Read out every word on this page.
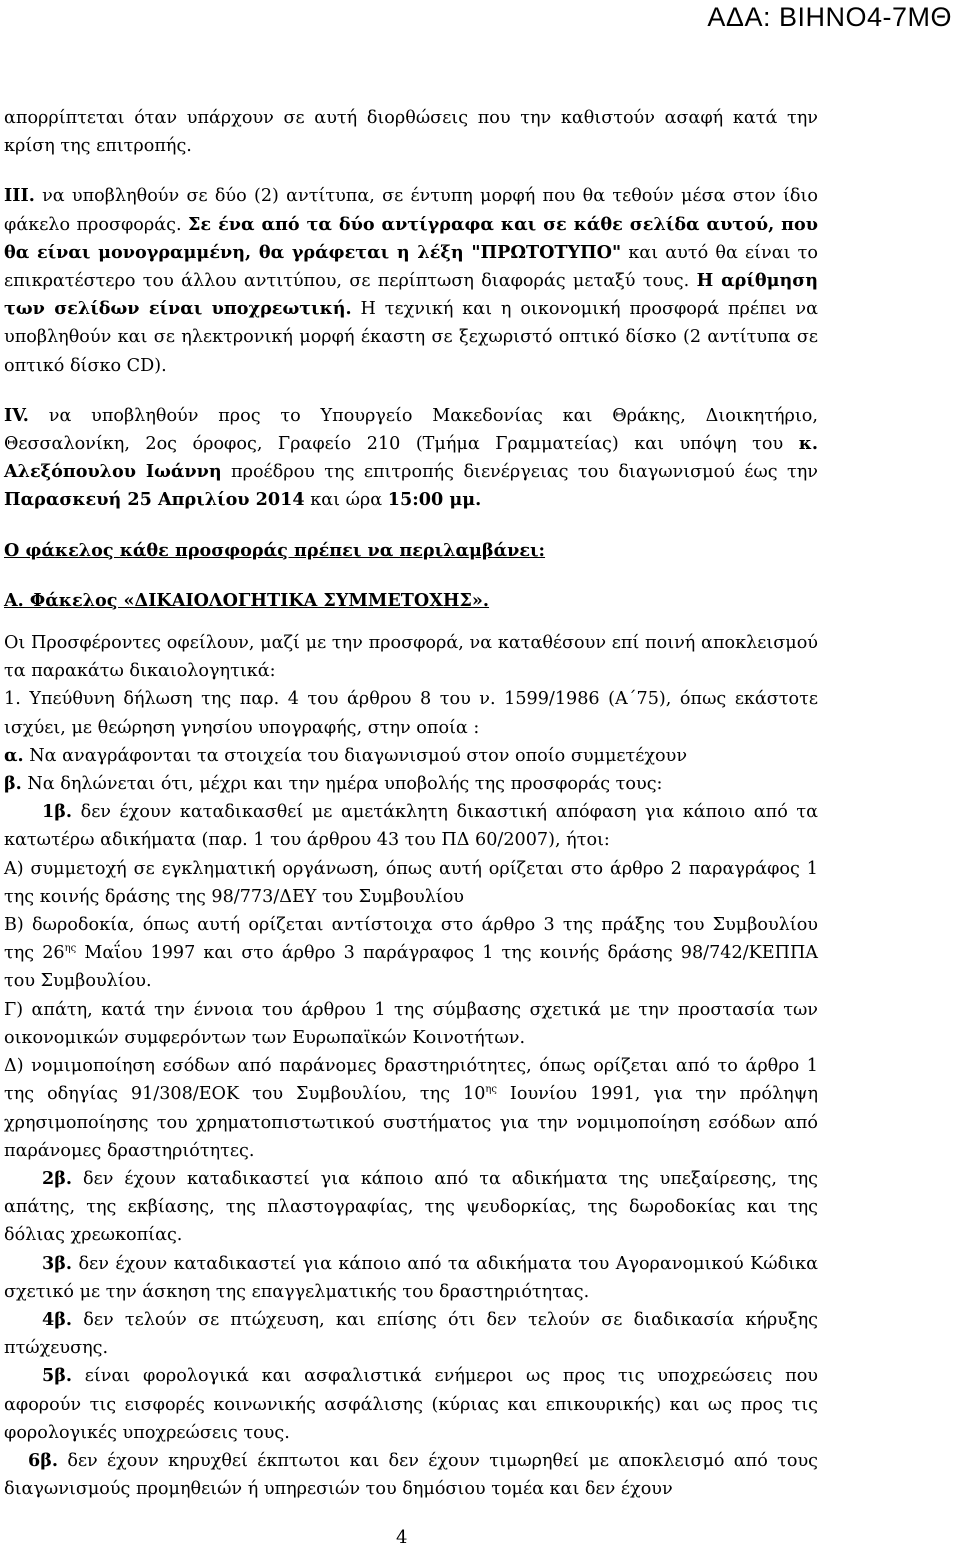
ΑΔΑ: ΒΙΗΝΟ4-7ΜΘ

απορρίπτεται όταν υπάρχουν σε αυτή διορθώσεις που την καθιστούν ασαφή κατά την κρίση της επιτροπής.

ΙΙΙ. να υποβληθούν σε δύο (2) αντίτυπα, σε έντυπη μορφή που θα τεθούν μέσα στον ίδιο φάκελο προσφοράς. Σε ένα από τα δύο αντίγραφα και σε κάθε σελίδα αυτού, που θα είναι μονογραμμένη, θα γράφεται η λέξη "ΠΡΩΤΟΤΥΠΟ" και αυτό θα είναι το επικρατέστερο του άλλου αντιτύπου, σε περίπτωση διαφοράς μεταξύ τους. Η αρίθμηση των σελίδων είναι υποχρεωτική. Η τεχνική και η οικονομική προσφορά πρέπει να υποβληθούν και σε ηλεκτρονική μορφή έκαστη σε ξεχωριστό οπτικό δίσκο (2 αντίτυπα σε οπτικό δίσκο CD).

IV. να υποβληθούν προς το Υπουργείο Μακεδονίας και Θράκης, Διοικητήριο, Θεσσαλονίκη, 2ος όροφος, Γραφείο 210 (Τμήμα Γραμματείας) και υπόψη του κ. Αλεξόπουλου Ιωάννη προέδρου της επιτροπής διενέργειας του διαγωνισμού έως την Παρασκευή 25 Απριλίου 2014 και ώρα 15:00 μμ.

Ο φάκελος κάθε προσφοράς πρέπει να περιλαμβάνει:

Α. Φάκελος «ΔΙΚΑΙΟΛΟΓΗΤΙΚΑ ΣΥΜΜΕΤΟΧΗΣ».

Οι Προσφέροντες οφείλουν, μαζί με την προσφορά, να καταθέσουν επί ποινή αποκλεισμού τα παρακάτω δικαιολογητικά:

1. Υπεύθυνη δήλωση της παρ. 4 του άρθρου 8 του ν. 1599/1986 (Α΄75), όπως εκάστοτε ισχύει, με θεώρηση γνησίου υπογραφής, στην οποία :

α. Να αναγράφονται τα στοιχεία του διαγωνισμού στον οποίο συμμετέχουν

β. Να δηλώνεται ότι, μέχρι και την ημέρα υποβολής της προσφοράς τους:

1β. δεν έχουν καταδικασθεί με αμετάκλητη δικαστική απόφαση για κάποιο από τα κατωτέρω αδικήματα (παρ. 1 του άρθρου 43 του ΠΔ 60/2007), ήτοι:

Α) συμμετοχή σε εγκληματική οργάνωση, όπως αυτή ορίζεται στο άρθρο 2 παραγράφος 1 της κοινής δράσης της 98/773/ΔΕΥ του Συμβουλίου

Β) δωροδοκία, όπως αυτή ορίζεται αντίστοιχα στο άρθρο 3 της πράξης του Συμβουλίου της $26^{\eta\varsigma}$ Μαΐου 1997 και στο άρθρο 3 παράγραφος 1 της κοινής δράσης 98/742/ΚΕΠΠΑ του Συμβουλίου.

Γ) απάτη, κατά την έννοια του άρθρου 1 της σύμβασης σχετικά με την προστασία των οικονομικών συμφερόντων των Ευρωπαϊκών Κοινοτήτων.

Δ) νομιμοποίηση εσόδων από παράνομες δραστηριότητες, όπως ορίζεται από το άρθρο 1 της οδηγίας 91/308/ΕΟΚ του Συμβουλίου, της $10^{\eta\varsigma}$ Ιουνίου 1991, για την πρόληψη χρησιμοποίησης του χρηματοπιστωτικού συστήματος για την νομιμοποίηση εσόδων από παράνομες δραστηριότητες.

2β. δεν έχουν καταδικαστεί για κάποιο από τα αδικήματα της υπεξαίρεσης, της απάτης, της εκβίασης, της πλαστογραφίας, της ψευδορκίας, της δωροδοκίας και της δόλιας χρεωκοπίας.

3β. δεν έχουν καταδικαστεί για κάποιο από τα αδικήματα του Αγορανομικού Κώδικα σχετικό με την άσκηση της επαγγελματικής του δραστηριότητας.

4β. δεν τελούν σε πτώχευση, και επίσης ότι δεν τελούν σε διαδικασία κήρυξης πτώχευσης.

5β. είναι φορολογικά και ασφαλιστικά ενήμεροι ως προς τις υποχρεώσεις που αφορούν τις εισφορές κοινωνικής ασφάλισης (κύριας και επικουρικής) και ως προς τις φορολογικές υποχρεώσεις τους.

6β. δεν έχουν κηρυχθεί έκπτωτοι και δεν έχουν τιμωρηθεί με αποκλεισμό από τους διαγωνισμούς προμηθειών ή υπηρεσιών του δημόσιου τομέα και δεν έχουν

4
